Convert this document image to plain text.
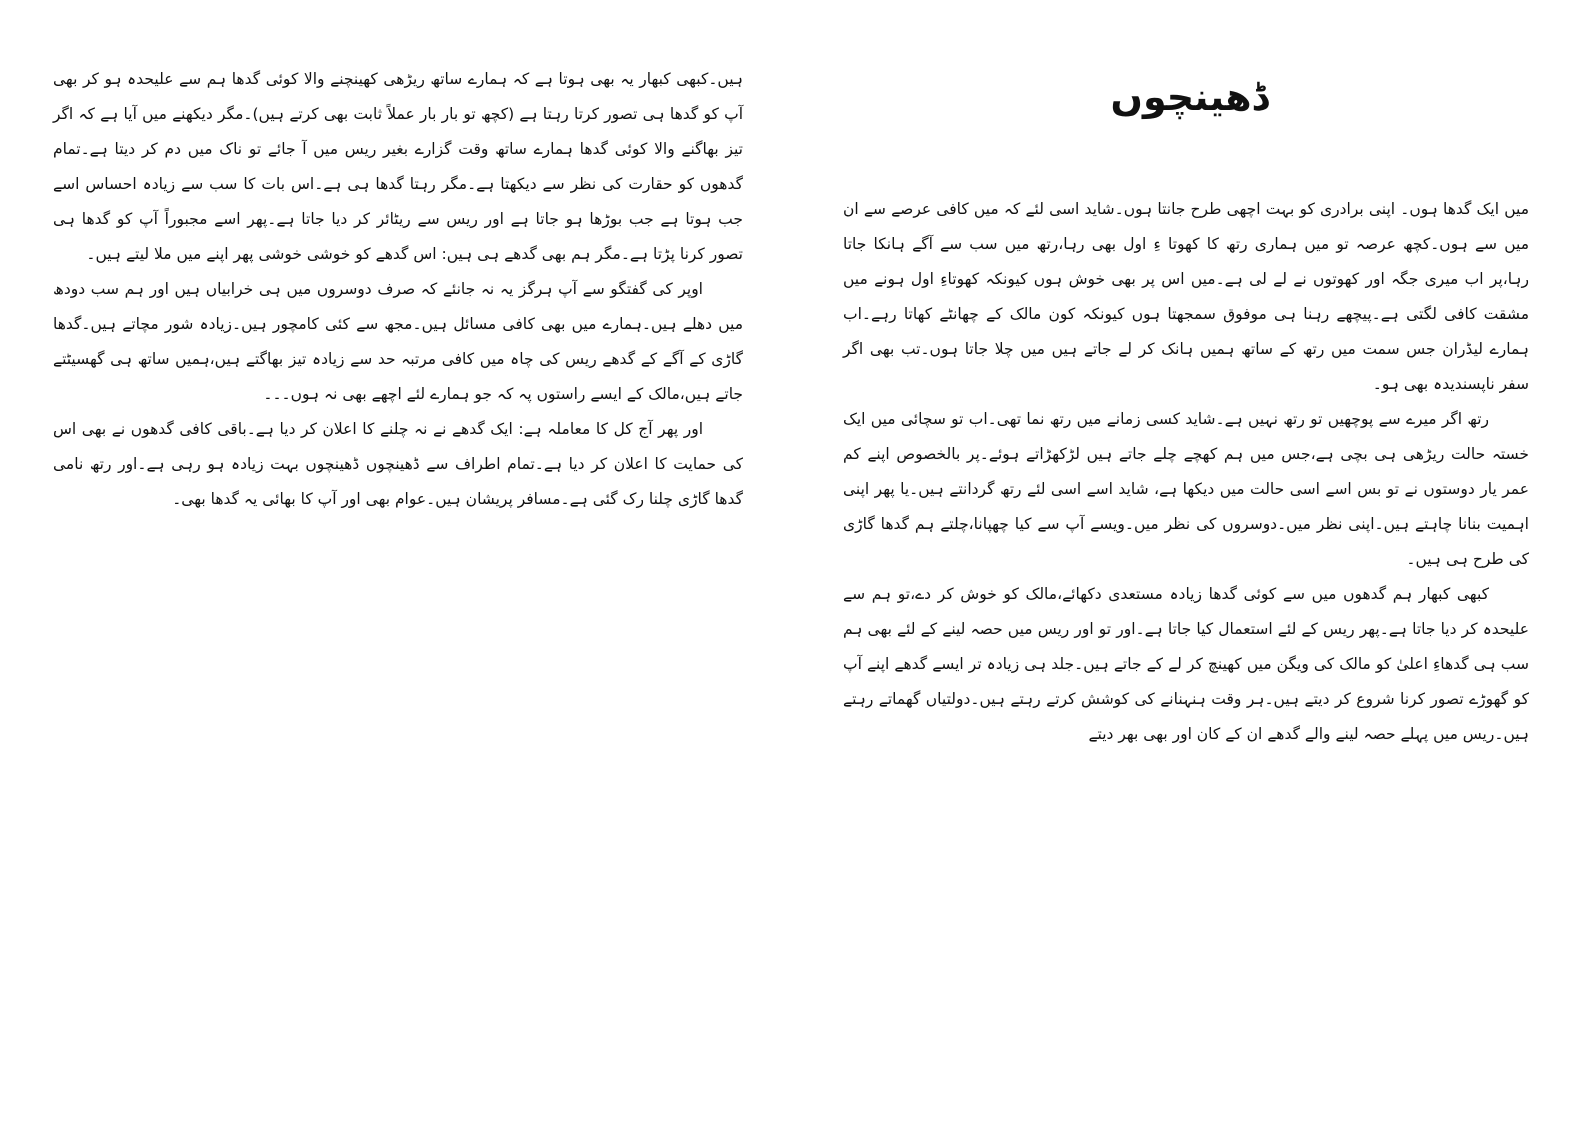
ہیں۔کبھی کبھار یہ بھی ہوتا ہے کہ ہمارے ساتھ ریڑھی کھینچنے والا کوئی گدھا ہم سے علیحدہ ہو کر بھی آپ کو گدھا ہی تصور کرتا رہتا ہے (کچھ تو بار بار عملاً ثابت بھی کرتے ہیں)۔مگر دیکھنے میں آیا ہے کہ اگر تیز بھاگنے والا کوئی گدھا ہمارے ساتھ وقت گزارے بغیر ریس میں آ جائے تو ناک میں دم کر دیتا ہے۔تمام گدھوں کو حقارت کی نظر سے دیکھتا ہے۔مگر رہتا گدھا ہی ہے۔اس بات کا سب سے زیادہ احساس اسے جب ہوتا ہے جب بوڑھا ہو جاتا ہے اور ریس سے ریٹائر کر دیا جاتا ہے۔پھر اسے مجبوراً آپ کو گدھا ہی تصور کرنا پڑتا ہے۔مگر ہم بھی گدھے ہی ہیں: اس گدھے کو خوشی خوشی پھر اپنے میں ملا لیتے ہیں۔

اوپر کی گفتگو سے آپ ہرگز یہ نہ جانئے کہ صرف دوسروں میں ہی خرابیاں ہیں اور ہم سب دودھ میں دھلے ہیں۔ہمارے میں بھی کافی مسائل ہیں۔مجھ سے کئی کامچور ہیں۔زیادہ شور مچاتے ہیں۔گدھا گاڑی کے آگے کے گدھے ریس کی چاہ میں کافی مرتبہ حد سے زیادہ تیز بھاگتے ہیں،ہمیں ساتھ ہی گھسیٹتے جاتے ہیں،مالک کے ایسے راستوں پہ کہ جو ہمارے لئے اچھے بھی نہ ہوں۔۔۔

اور پھر آج کل کا معاملہ ہے: ایک گدھے نے نہ چلنے کا اعلان کر دیا ہے۔باقی کافی گدھوں نے بھی اس کی حمایت کا اعلان کر دیا ہے۔تمام اطراف سے ڈھینچوں ڈھینچوں بہت زیادہ ہو رہی ہے۔اور رتھ نامی گدھا گاڑی چلنا رک گئی ہے۔مسافر پریشان ہیں۔عوام بھی اور آپ کا بھائی یہ گدھا بھی۔

ڈھینچوں

میں ایک گدھا ہوں۔ اپنی برادری کو بہت اچھی طرح جانتا ہوں۔شاید اسی لئے کہ میں کافی عرصے سے ان میں سے ہوں۔کچھ عرصہ تو میں ہماری رتھ کا کھوتا ءِ اول بھی رہا،رتھ میں سب سے آگے ہانکا جاتا رہا،پر اب میری جگہ اور کھوتوں نے لے لی ہے۔میں اس پر بھی خوش ہوں کیونکہ کھوتاءِ اول ہونے میں مشقت کافی لگتی ہے۔پیچھے رہنا ہی موفوق سمجھتا ہوں کیونکہ کون مالک کے چھانٹے کھاتا رہے۔اب ہمارے لیڈران جس سمت میں رتھ کے ساتھ ہمیں ہانک کر لے جاتے ہیں میں چلا جاتا ہوں۔تب بھی اگر سفر ناپسندیدہ بھی ہو۔

رتھ اگر میرے سے پوچھیں تو رتھ نہیں ہے۔شاید کسی زمانے میں رتھ نما تھی۔اب تو سچائی میں ایک خستہ حالت ریڑھی ہی بچی ہے،جس میں ہم کھچے چلے جاتے ہیں لڑکھڑاتے ہوئے۔پر بالخصوص اپنے کم عمر یار دوستوں نے تو بس اسے اسی حالت میں دیکھا ہے، شاید اسے اسی لئے رتھ گردانتے ہیں۔یا پھر اپنی اہمیت بنانا چاہتے ہیں۔اپنی نظر میں۔دوسروں کی نظر میں۔ویسے آپ سے کیا چھپانا،چلتے ہم گدھا گاڑی کی طرح ہی ہیں۔

کبھی کبھار ہم گدھوں میں سے کوئی گدھا زیادہ مستعدی دکھائے،مالک کو خوش کر دے،تو ہم سے علیحدہ کر دیا جاتا ہے۔پھر ریس کے لئے استعمال کیا جاتا ہے۔اور تو اور ریس میں حصہ لینے کے لئے بھی ہم سب ہی گدھاءِ اعلیٰ کو مالک کی ویگن میں کھینچ کر لے کے جاتے ہیں۔جلد ہی زیادہ تر ایسے گدھے اپنے آپ کو گھوڑے تصور کرنا شروع کر دیتے ہیں۔ہر وقت ہنہنانے کی کوشش کرتے رہتے ہیں۔دولتیاں گھماتے رہتے ہیں۔ریس میں پہلے حصہ لینے والے گدھے ان کے کان اور بھی بھر دیتے
